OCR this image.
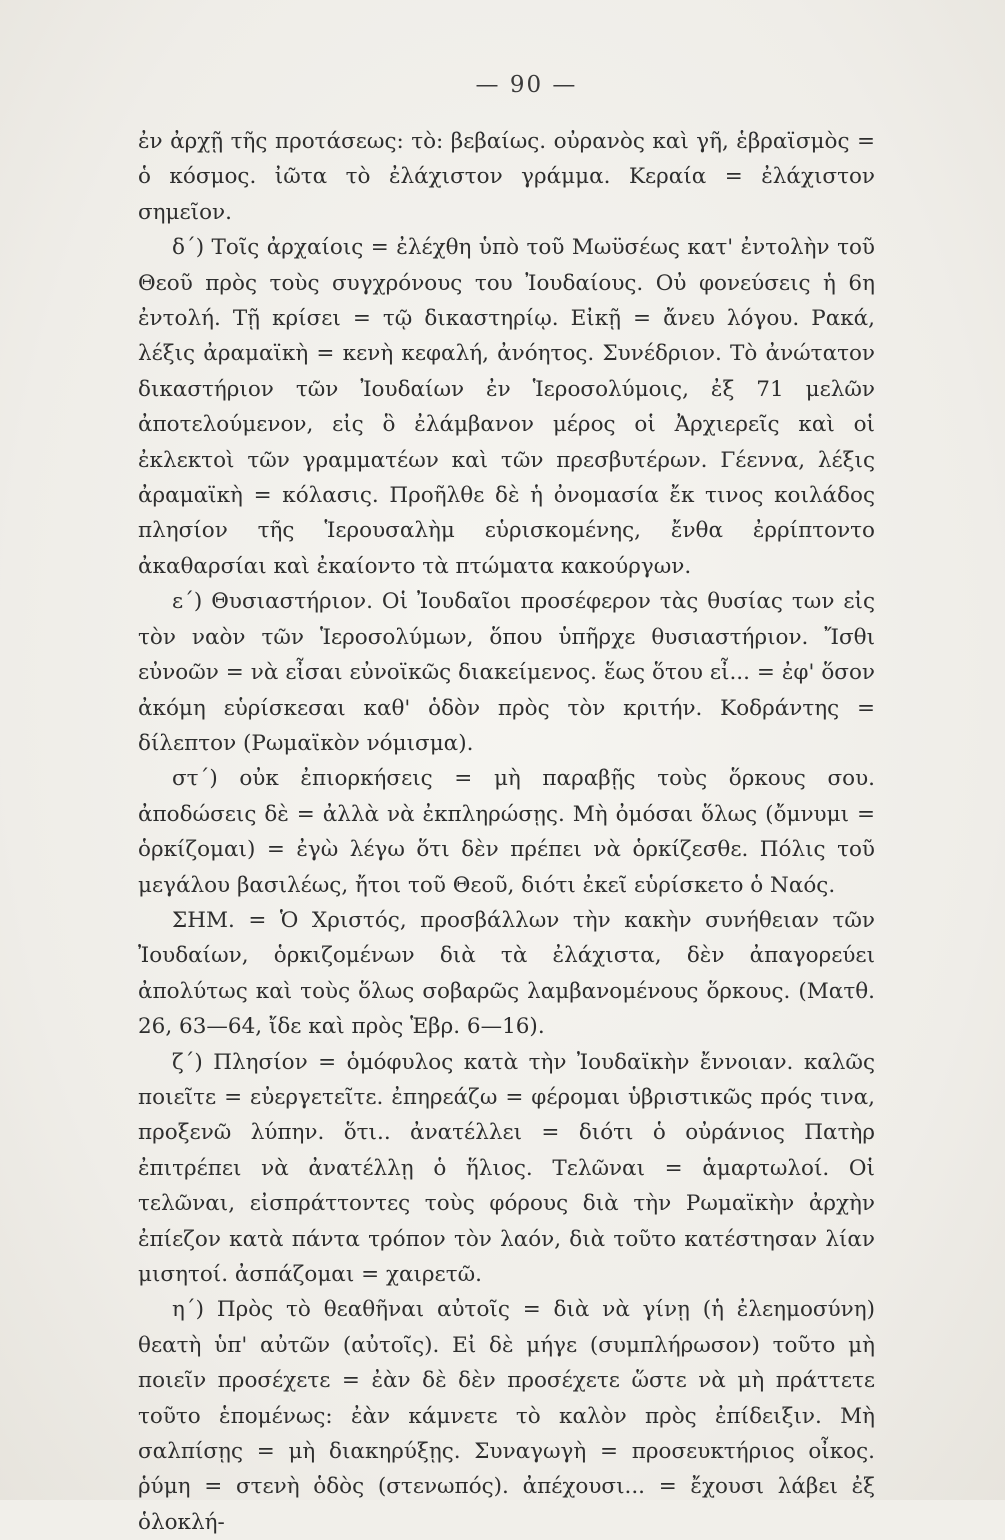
— 90 —

ἐν ἀρχῇ τῆς προτάσεως: τὸ: βεβαίως. οὐρανὸς καὶ γῆ, ἑβραϊσμὸς = ὁ κόσμος. ἰῶτα τὸ ἐλάχιστον γράμμα. Κεραία = ἐλάχιστον σημεῖον.

δ΄) Τοῖς ἀρχαίοις = ἐλέχθη ὑπὸ τοῦ Μωϋσέως κατ' ἐντολὴν τοῦ Θεοῦ πρὸς τοὺς συγχρόνους του Ἰουδαίους. Οὐ φονεύσεις ἡ 6η ἐντολή. Τῇ κρίσει = τῷ δικαστηρίῳ. Εἰκῇ = ἄνευ λόγου. Ρακά, λέξις ἀραμαϊκὴ = κενὴ κεφαλή, ἀνόητος. Συνέδριον. Τὸ ἀνώτατον δικαστήριον τῶν Ἰουδαίων ἐν Ἱεροσολύμοις, ἐξ 71 μελῶν ἀποτελούμενον, εἰς ὃ ἐλάμβανον μέρος οἱ Ἀρχιερεῖς καὶ οἱ ἐκλεκτοὶ τῶν γραμματέων καὶ τῶν πρεσβυτέρων. Γέεννα, λέξις ἀραμαϊκὴ = κόλασις. Προῆλθε δὲ ἡ ὀνομασία ἔκ τινος κοιλάδος πλησίον τῆς Ἱερουσαλὴμ εὑρισκομένης, ἔνθα ἐρρίπτοντο ἀκαθαρσίαι καὶ ἐκαίοντο τὰ πτώματα κακούργων.

ε΄) Θυσιαστήριον. Οἱ Ἰουδαῖοι προσέφερον τὰς θυσίας των εἰς τὸν ναὸν τῶν Ἱεροσολύμων, ὅπου ὑπῆρχε θυσιαστήριον. Ἴσθι εὐνοῶν = νὰ εἶσαι εὐνοϊκῶς διακείμενος. ἕως ὅτου εἶ... = ἐφ' ὅσον ἀκόμη εὑρίσκεσαι καθ' ὁδὸν πρὸς τὸν κριτήν. Κοδράντης = δίλεπτον (Ρωμαϊκὸν νόμισμα).

στ΄) οὐκ ἐπιορκήσεις = μὴ παραβῇς τοὺς ὅρκους σου. ἀποδώσεις δὲ = ἀλλὰ νὰ ἐκπληρώσῃς. Μὴ ὀμόσαι ὅλως (ὄμνυμι = ὁρκίζομαι) = ἐγὼ λέγω ὅτι δὲν πρέπει νὰ ὁρκίζεσθε. Πόλις τοῦ μεγάλου βασιλέως, ἤτοι τοῦ Θεοῦ, διότι ἐκεῖ εὑρίσκετο ὁ Ναός.

ΣΗΜ. = Ὁ Χριστός, προσβάλλων τὴν κακὴν συνήθειαν τῶν Ἰουδαίων, ὁρκιζομένων διὰ τὰ ἐλάχιστα, δὲν ἀπαγορεύει ἀπολύτως καὶ τοὺς ὅλως σοβαρῶς λαμβανομένους ὅρκους. (Ματθ. 26, 63—64, ἴδε καὶ πρὸς Ἑβρ. 6—16).

ζ΄) Πλησίον = ὁμόφυλος κατὰ τὴν Ἰουδαϊκὴν ἔννοιαν. καλῶς ποιεῖτε = εὐεργετεῖτε. ἐπηρεάζω = φέρομαι ὑβριστικῶς πρός τινα, προξενῶ λύπην. ὅτι.. ἀνατέλλει = διότι ὁ οὐράνιος Πατὴρ ἐπιτρέπει νὰ ἀνατέλλῃ ὁ ἥλιος. Τελῶναι = ἁμαρτωλοί. Οἱ τελῶναι, εἰσπράττοντες τοὺς φόρους διὰ τὴν Ρωμαϊκὴν ἀρχὴν ἐπίεζον κατὰ πάντα τρόπον τὸν λαόν, διὰ τοῦτο κατέστησαν λίαν μισητοί. ἀσπάζομαι = χαιρετῶ.

η΄) Πρὸς τὸ θεαθῆναι αὐτοῖς = διὰ νὰ γίνῃ (ἡ ἐλεημοσύνη) θεατὴ ὑπ' αὐτῶν (αὐτοῖς). Εἰ δὲ μήγε (συμπλήρωσον) τοῦτο μὴ ποιεῖν προσέχετε = ἐὰν δὲ δὲν προσέχετε ὥστε νὰ μὴ πράττετε τοῦτο ἑπομένως: ἐὰν κάμνετε τὸ καλὸν πρὸς ἐπίδειξιν. Μὴ σαλπίσῃς = μὴ διακηρύξῃς. Συναγωγὴ = προσευκτήριος οἶκος. ῥύμη = στενὴ ὁδὸς (στενωπός). ἀπέχουσι... = ἔχουσι λάβει ἐξ ὁλοκλή-
